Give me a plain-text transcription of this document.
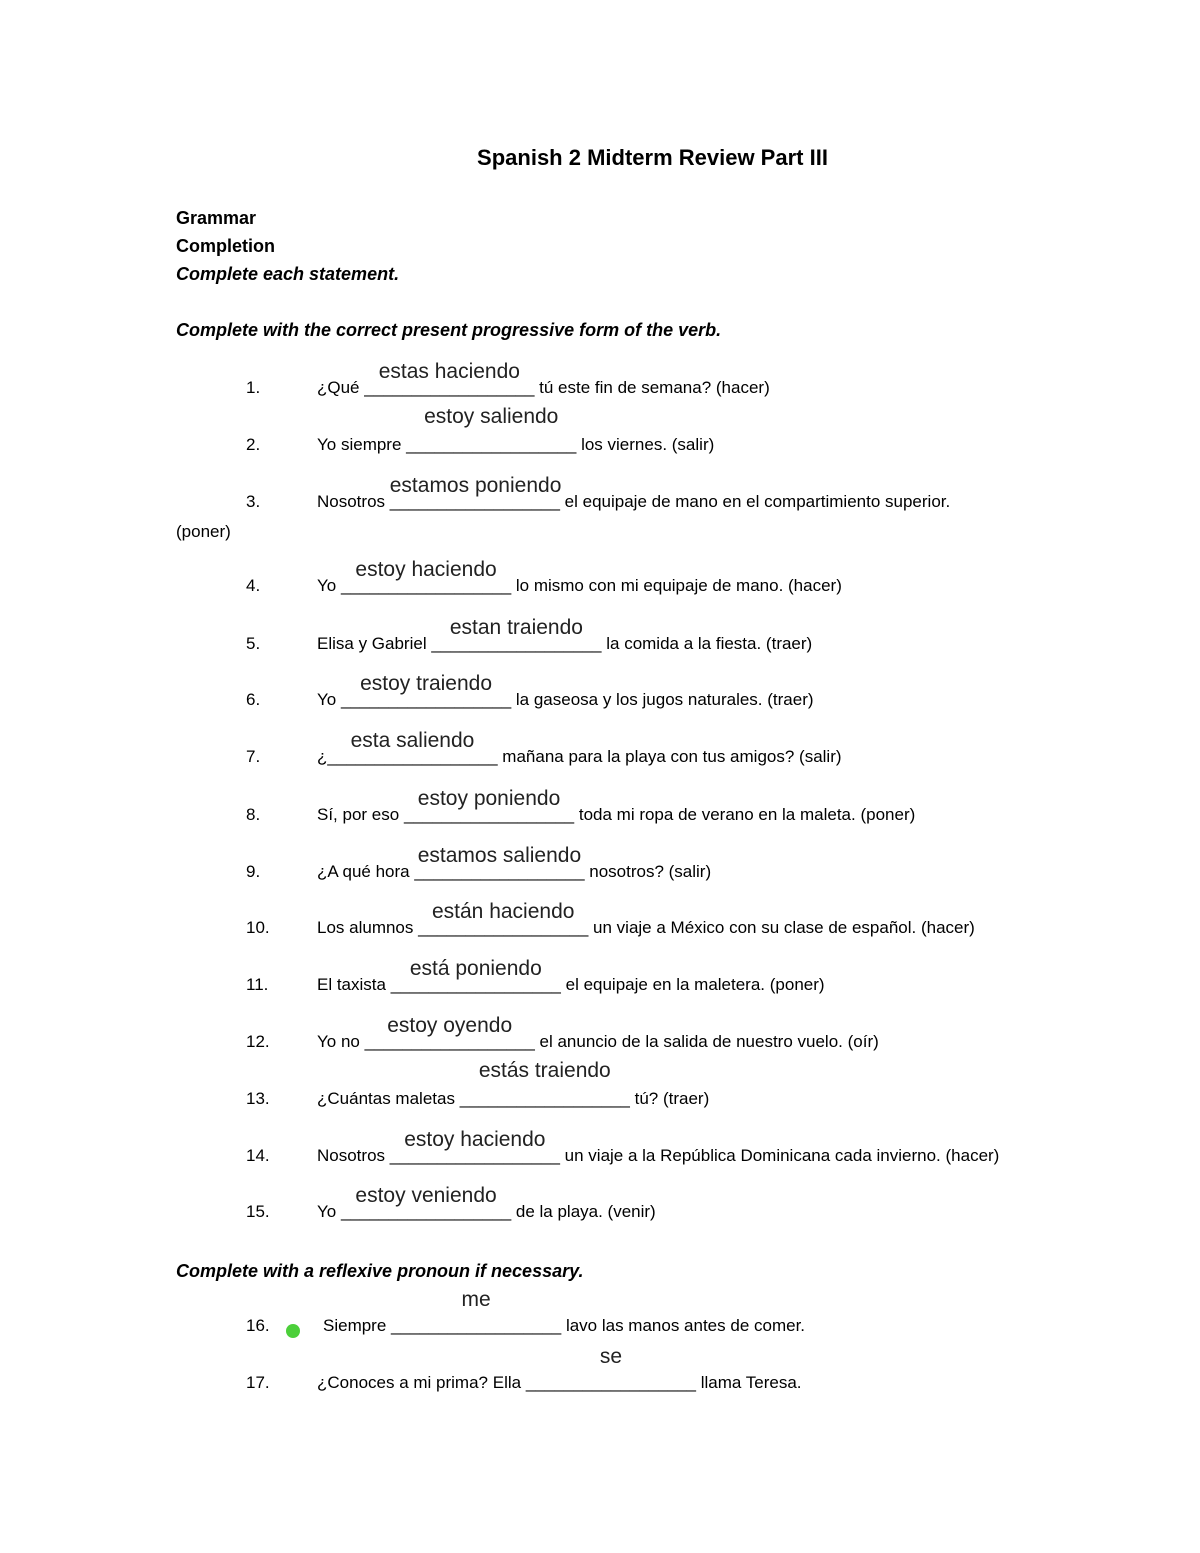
Spanish 2 Midterm Review Part III
Grammar
Completion
Complete each statement.
Complete with the correct present progressive form of the verb.
1.	¿Qué __________________
estas haciendo
tú este fin de semana? (hacer)
2.	Yo siempre __________________
estoy saliendo
los viernes. (salir)
3.	Nosotros __________________
estamos poniendo
el equipaje de mano en el compartimiento superior.
4.	Yo __________________
estoy haciendo
lo mismo con mi equipaje de mano. (hacer)
5.	Elisa y Gabriel __________________
estan traiendo
la comida a la fiesta. (traer)
6.	Yo __________________
estoy traiendo
la gaseosa y los jugos naturales. (traer)
7.	¿__________________
esta saliendo
mañana para la playa con tus amigos? (salir)
8.	Sí, por eso __________________
estoy poniendo
toda mi ropa de verano en la maleta. (poner)
9.	¿A qué hora __________________
estamos saliendo
nosotros? (salir)
10.	Los alumnos __________________
están haciendo
un viaje a México con su clase de español. (hacer)
11.	El taxista __________________
está poniendo
el equipaje en la maletera. (poner)
12.	Yo no __________________
estoy oyendo
el anuncio de la salida de nuestro vuelo. (oír)
13.	¿Cuántas maletas __________________
estás traiendo
tú? (traer)
14.	Nosotros __________________
estoy haciendo
un viaje a la República Dominicana cada invierno. (hacer)
15.	Yo __________________
estoy veniendo
de la playa. (venir)
16.	Siempre __________________
me
lavo las manos antes de comer.
17.	¿Conoces a mi prima? Ella __________________
se
llama Teresa.
(poner)
Complete with a reflexive pronoun if necessary.
